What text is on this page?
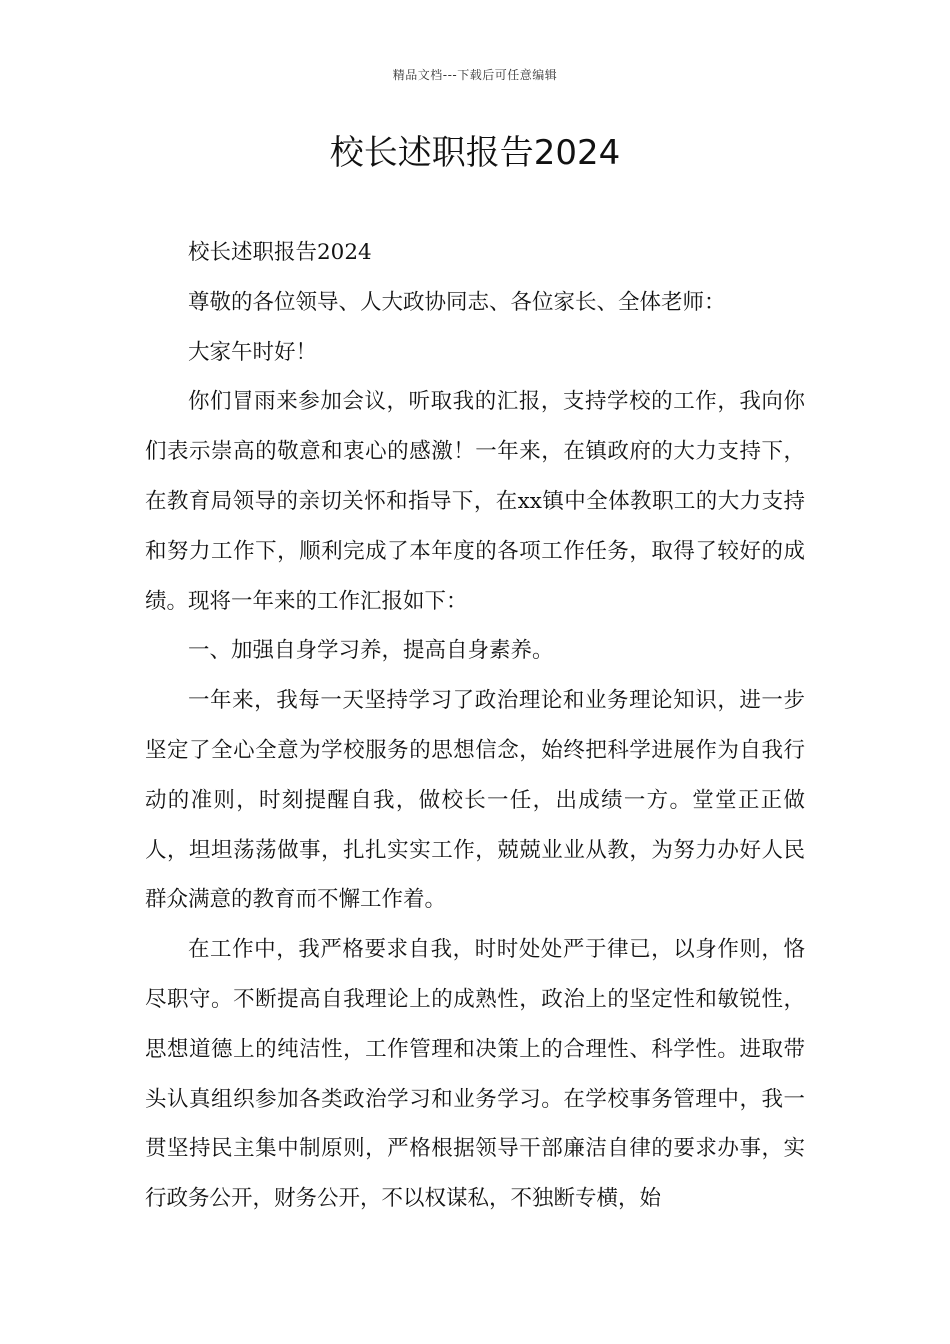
精品文档---下载后可任意编辑
校长述职报告2024

校长述职报告2024

尊敬的各位领导、人大政协同志、各位家长、全体老师：

大家午时好！

你们冒雨来参加会议，听取我的汇报，支持学校的工作，我向你们表示崇高的敬意和衷心的感激！一年来，在镇政府的大力支持下，在教育局领导的亲切关怀和指导下，在xx镇中全体教职工的大力支持和努力工作下，顺利完成了本年度的各项工作任务，取得了较好的成绩。现将一年来的工作汇报如下：

一、加强自身学习养，提高自身素养。

一年来，我每一天坚持学习了政治理论和业务理论知识，进一步坚定了全心全意为学校服务的思想信念，始终把科学进展作为自我行动的准则，时刻提醒自我，做校长一任，出成绩一方。堂堂正正做人，坦坦荡荡做事，扎扎实实工作，兢兢业业从教，为努力办好人民群众满意的教育而不懈工作着。

在工作中，我严格要求自我，时时处处严于律已，以身作则，恪尽职守。不断提高自我理论上的成熟性，政治上的坚定性和敏锐性，思想道德上的纯洁性，工作管理和决策上的合理性、科学性。进取带头认真组织参加各类政治学习和业务学习。在学校事务管理中，我一贯坚持民主集中制原则，严格根据领导干部廉洁自律的要求办事，实行政务公开，财务公开，不以权谋私，不独断专横，始
